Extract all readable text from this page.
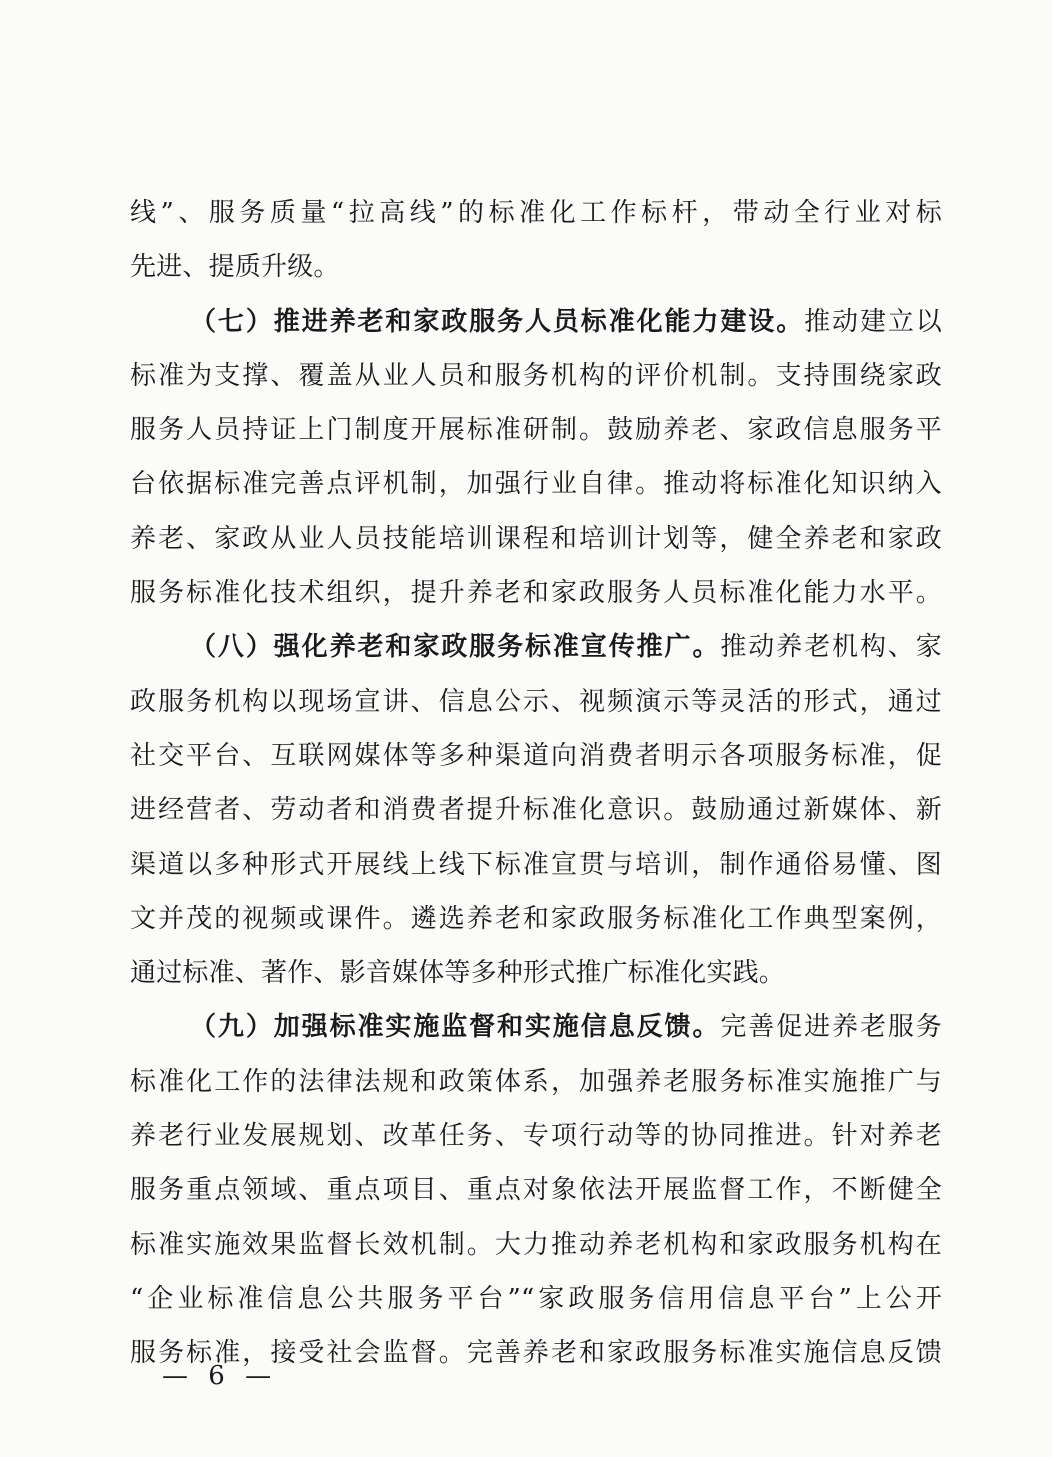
线”、服务质量“拉高线”的标准化工作标杆，带动全行业对标
先进、提质升级。
（七）推进养老和家政服务人员标准化能力建设。推动建立以
标准为支撑、覆盖从业人员和服务机构的评价机制。支持围绕家政
服务人员持证上门制度开展标准研制。鼓励养老、家政信息服务平
台依据标准完善点评机制，加强行业自律。推动将标准化知识纳入
养老、家政从业人员技能培训课程和培训计划等，健全养老和家政
服务标准化技术组织，提升养老和家政服务人员标准化能力水平。
（八）强化养老和家政服务标准宣传推广。推动养老机构、家
政服务机构以现场宣讲、信息公示、视频演示等灵活的形式，通过
社交平台、互联网媒体等多种渠道向消费者明示各项服务标准，促
进经营者、劳动者和消费者提升标准化意识。鼓励通过新媒体、新
渠道以多种形式开展线上线下标准宣贯与培训，制作通俗易懂、图
文并茂的视频或课件。遴选养老和家政服务标准化工作典型案例，
通过标准、著作、影音媒体等多种形式推广标准化实践。
（九）加强标准实施监督和实施信息反馈。完善促进养老服务
标准化工作的法律法规和政策体系，加强养老服务标准实施推广与
养老行业发展规划、改革任务、专项行动等的协同推进。针对养老
服务重点领域、重点项目、重点对象依法开展监督工作，不断健全
标准实施效果监督长效机制。大力推动养老机构和家政服务机构在
“企业标准信息公共服务平台”“家政服务信用信息平台”上公开
服务标准，接受社会监督。完善养老和家政服务标准实施信息反馈
— 6 —
